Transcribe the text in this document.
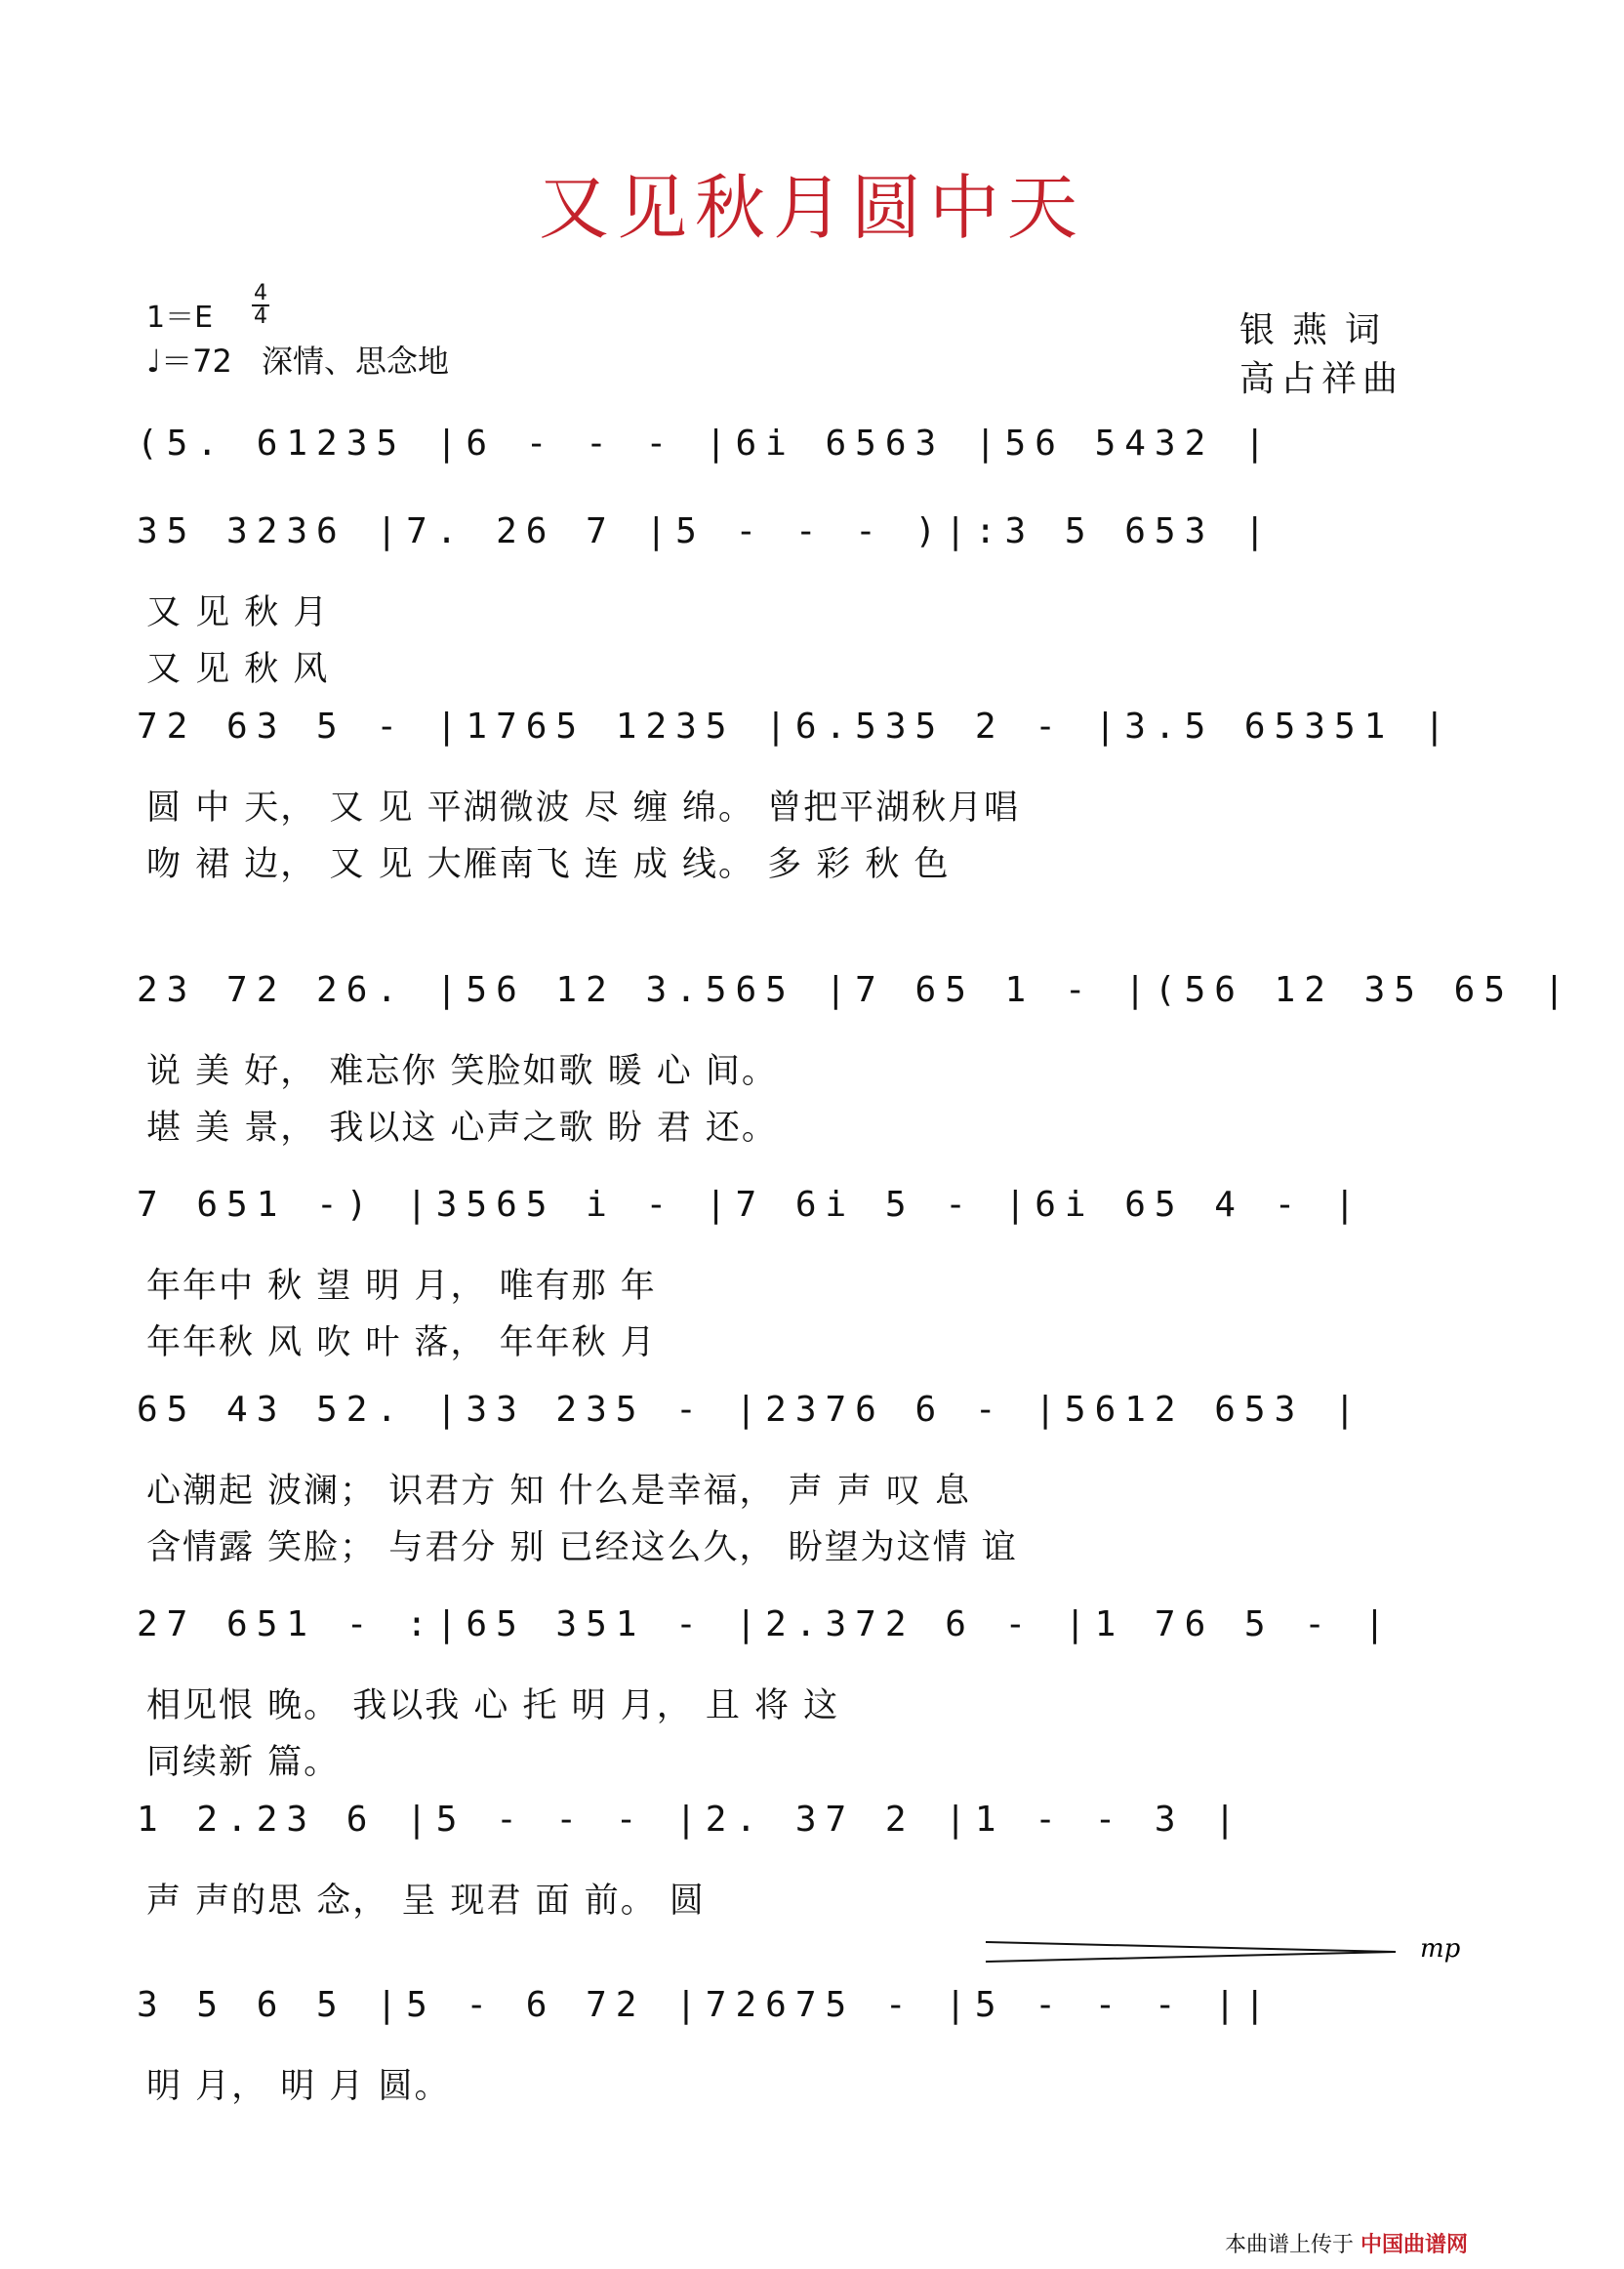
又见秋月圆中天
1＝E
4
4
♩＝72 深情、思念地
银燕词
高占祥曲
(5. 61235 |6 - - - |6i 6563 |56 5432 |
35 3236 |7. 26 7 |5 - - - )|:3 5 653 |
又 见 秋 月
又 见 秋 风
72 63 5 - |1765 1235 |6.535 2 - |3.5 65351 |
圆 中 天， 又 见 平湖微波 尽 缠 绵。 曾把平湖秋月唱
吻 裙 边， 又 见 大雁南飞 连 成 线。 多 彩 秋 色
23 72 26. |56 12 3.565 |7 65 1 - |(56 12 35 65 |
说 美 好， 难忘你 笑脸如歌 暖 心 间。
堪 美 景， 我以这 心声之歌 盼 君 还。
7 651 -) |3565 i - |7 6i 5 - |6i 65 4 - |
年年中 秋 望 明 月， 唯有那 年
年年秋 风 吹 叶 落， 年年秋 月
65 43 52. |33 235 - |2376 6 - |5612 653 |
心潮起 波澜； 识君方 知 什么是幸福， 声 声 叹 息
含情露 笑脸； 与君分 别 已经这么久， 盼望为这情 谊
27 651 - :|65 351 - |2.372 6 - |1 76 5 - |
相见恨 晚。 我以我 心 托 明 月， 且 将 这
同续新 篇。
1 2.23 6 |5 - - - |2. 37 2 |1 - - 3 |
声 声的思 念， 呈 现君 面 前。 圆
3 5 6 5 |5 - 6 72 |72675 - |5 - - - ||
明 月， 明 月 圆。
mp
本曲谱上传于 中国曲谱网
